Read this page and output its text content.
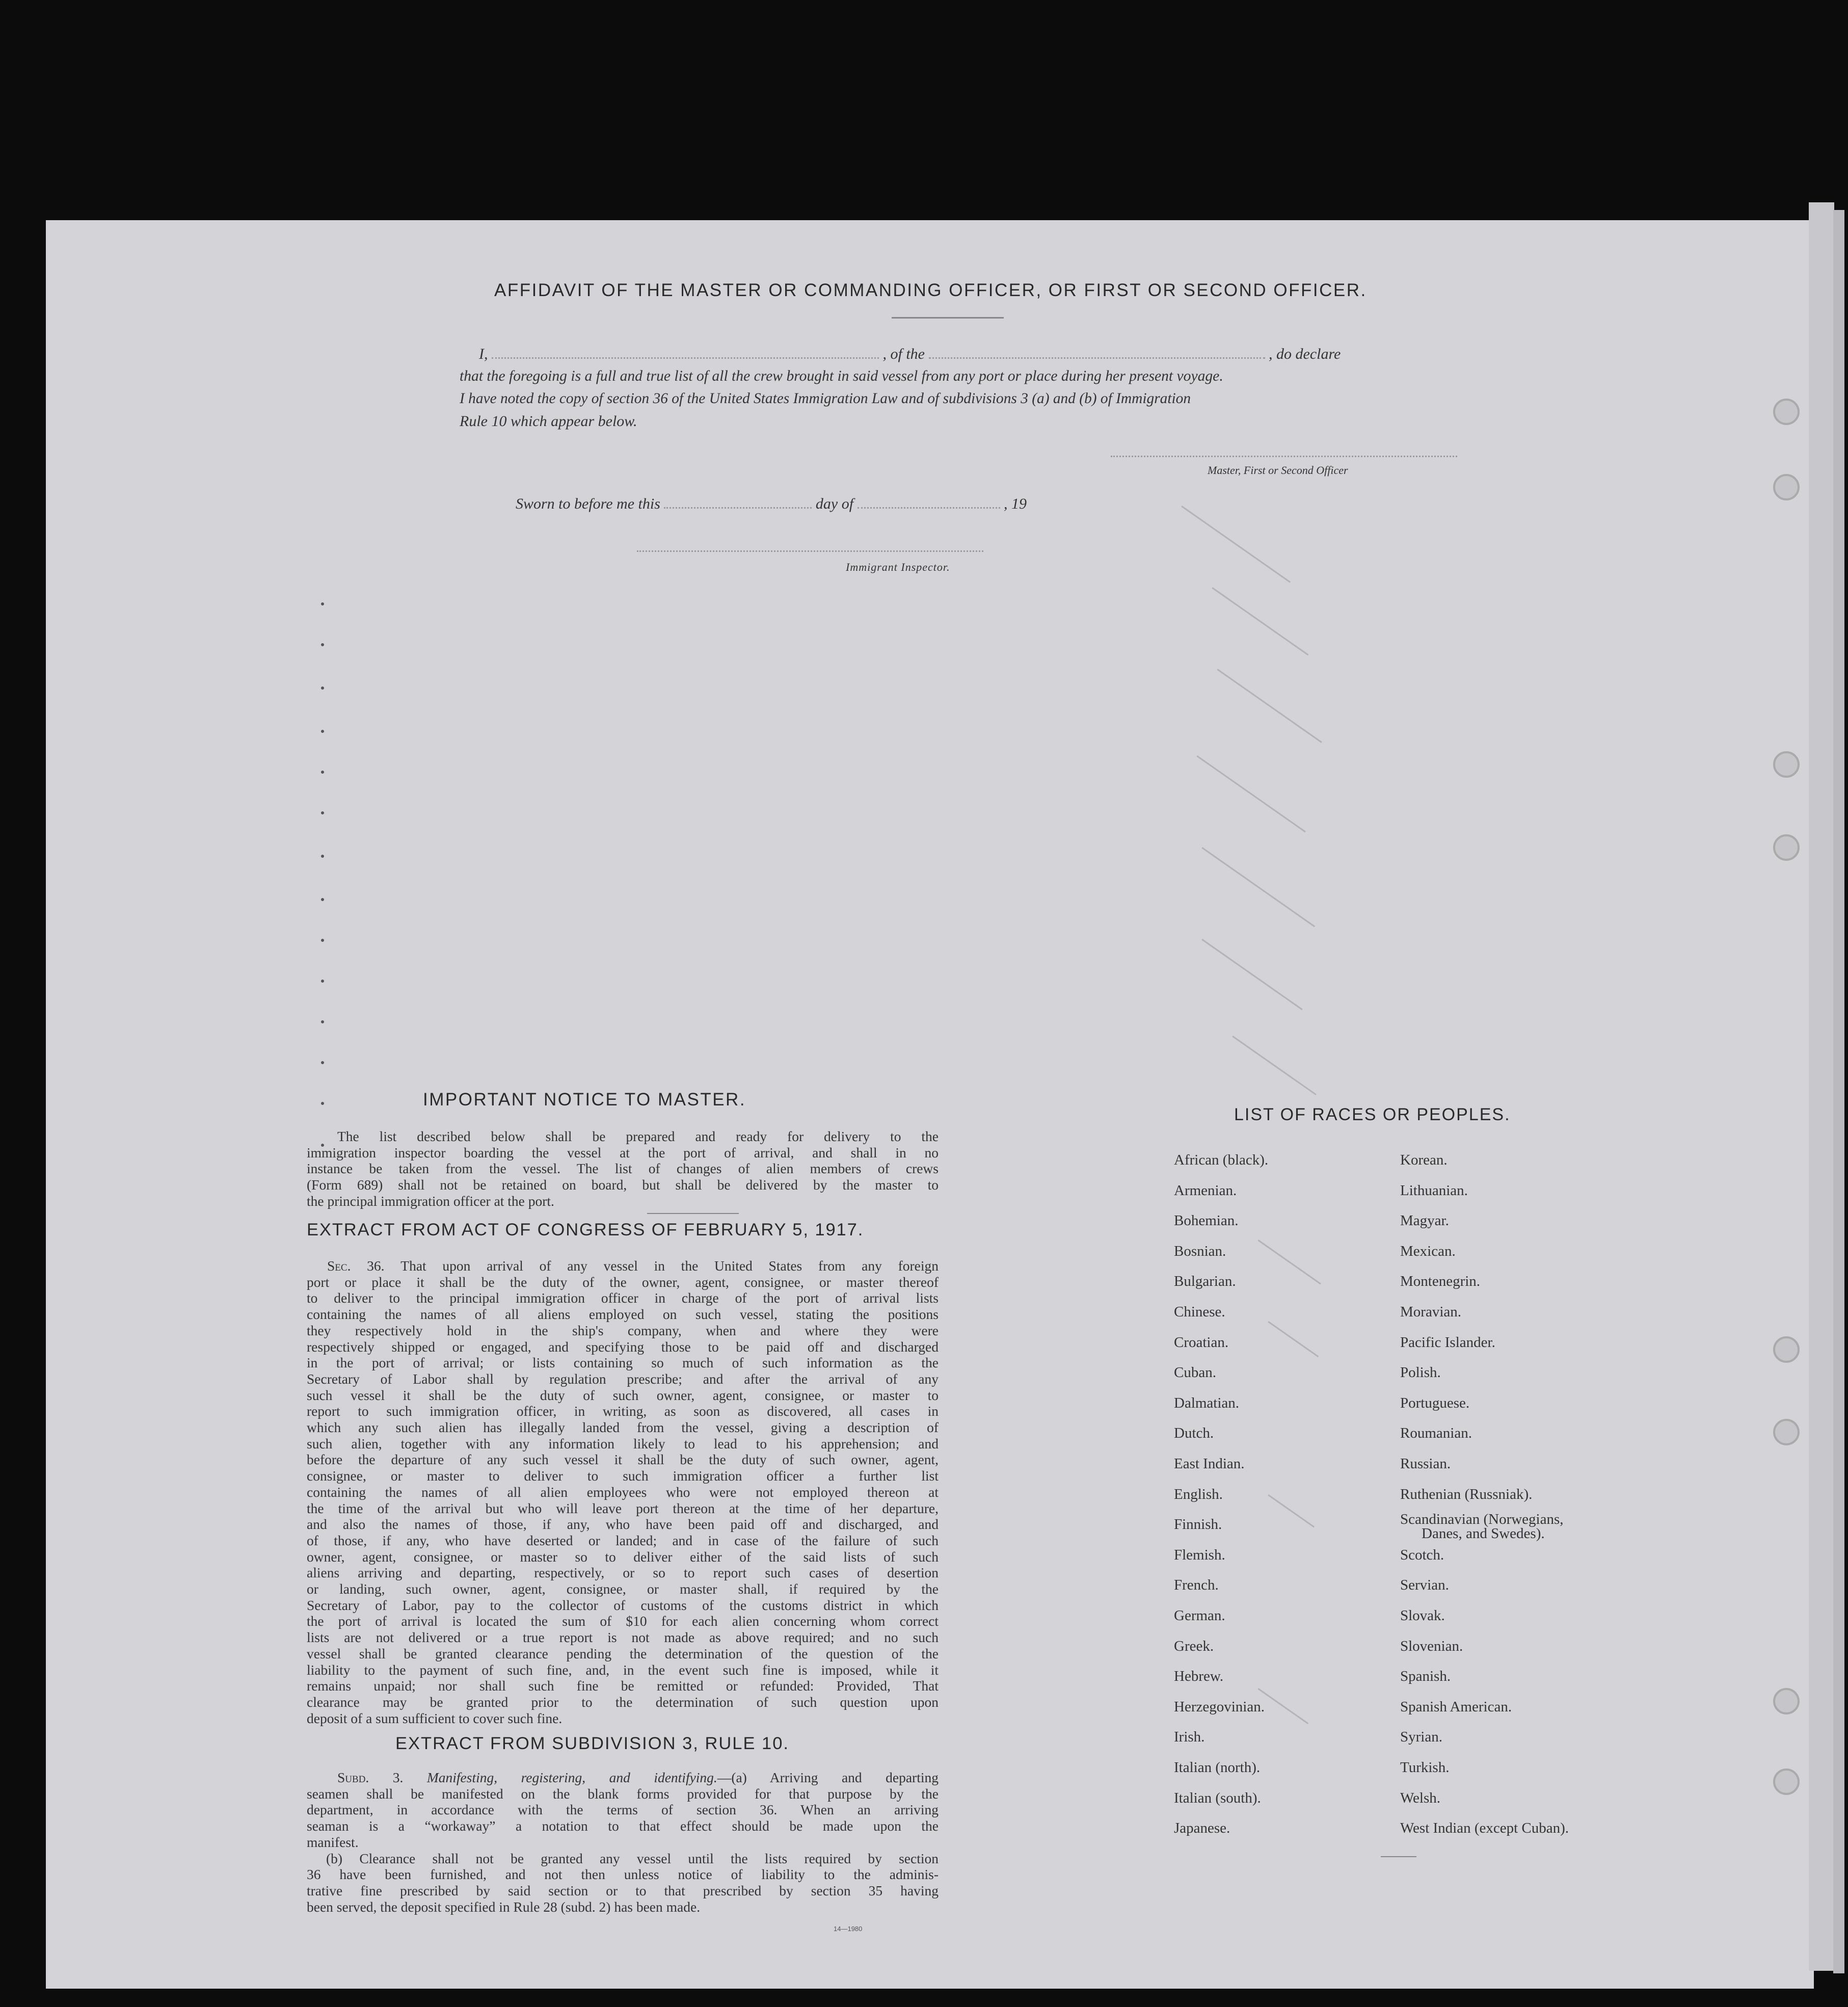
AFFIDAVIT OF THE MASTER OR COMMANDING OFFICER, OR FIRST OR SECOND OFFICER.
I,	, of the	, do declare
that the foregoing is a full and true list of all the crew brought in said vessel from any port or place during her present voyage.
I have noted the copy of section 36 of the United States Immigration Law and of subdivisions 3 (a) and (b) of Immigration
Rule 10 which appear below.
Master, First or Second Officer
Sworn to before me this	day of	, 19
Immigrant Inspector.
IMPORTANT NOTICE TO MASTER.
The list described below shall be prepared and ready for delivery to the
immigration inspector boarding the vessel at the port of arrival, and shall in no
instance be taken from the vessel. The list of changes of alien members of crews
(Form 689) shall not be retained on board, but shall be delivered by the master to
the principal immigration officer at the port.
EXTRACT FROM ACT OF CONGRESS OF FEBRUARY 5, 1917.
Sec. 36. That upon arrival of any vessel in the United States from any foreign
port or place it shall be the duty of the owner, agent, consignee, or master thereof
to deliver to the principal immigration officer in charge of the port of arrival lists
containing the names of all aliens employed on such vessel, stating the positions
they respectively hold in the ship's company, when and where they were
respectively shipped or engaged, and specifying those to be paid off and discharged
in the port of arrival; or lists containing so much of such information as the
Secretary of Labor shall by regulation prescribe; and after the arrival of any
such vessel it shall be the duty of such owner, agent, consignee, or master to
report to such immigration officer, in writing, as soon as discovered, all cases in
which any such alien has illegally landed from the vessel, giving a description of
such alien, together with any information likely to lead to his apprehension; and
before the departure of any such vessel it shall be the duty of such owner, agent,
consignee, or master to deliver to such immigration officer a further list
containing the names of all alien employees who were not employed thereon at
the time of the arrival but who will leave port thereon at the time of her departure,
and also the names of those, if any, who have been paid off and discharged, and
of those, if any, who have deserted or landed; and in case of the failure of such
owner, agent, consignee, or master so to deliver either of the said lists of such
aliens arriving and departing, respectively, or so to report such cases of desertion
or landing, such owner, agent, consignee, or master shall, if required by the
Secretary of Labor, pay to the collector of customs of the customs district in which
the port of arrival is located the sum of $10 for each alien concerning whom correct
lists are not delivered or a true report is not made as above required; and no such
vessel shall be granted clearance pending the determination of the question of the
liability to the payment of such fine, and, in the event such fine is imposed, while it
remains unpaid; nor shall such fine be remitted or refunded: Provided, That
clearance may be granted prior to the determination of such question upon
deposit of a sum sufficient to cover such fine.
EXTRACT FROM SUBDIVISION 3, RULE 10.
Subd. 3. Manifesting, registering, and identifying.—(a) Arriving and departing
seamen shall be manifested on the blank forms provided for that purpose by the
department, in accordance with the terms of section 36. When an arriving
seaman is a “workaway” a notation to that effect should be made upon the
manifest.
(b) Clearance shall not be granted any vessel until the lists required by section
36 have been furnished, and not then unless notice of liability to the adminis-
trative fine prescribed by said section or to that prescribed by section 35 having
been served, the deposit specified in Rule 28 (subd. 2) has been made.
14—1980
LIST OF RACES OR PEOPLES.
African (black).
Armenian.
Bohemian.
Bosnian.
Bulgarian.
Chinese.
Croatian.
Cuban.
Dalmatian.
Dutch.
East Indian.
English.
Finnish.
Flemish.
French.
German.
Greek.
Hebrew.
Herzegovinian.
Irish.
Italian (north).
Italian (south).
Japanese.
Korean.
Lithuanian.
Magyar.
Mexican.
Montenegrin.
Moravian.
Pacific Islander.
Polish.
Portuguese.
Roumanian.
Russian.
Ruthenian (Russniak).
Scandinavian (Norwegians,
Danes, and Swedes).
Scotch.
Servian.
Slovak.
Slovenian.
Spanish.
Spanish American.
Syrian.
Turkish.
Welsh.
West Indian (except Cuban).
